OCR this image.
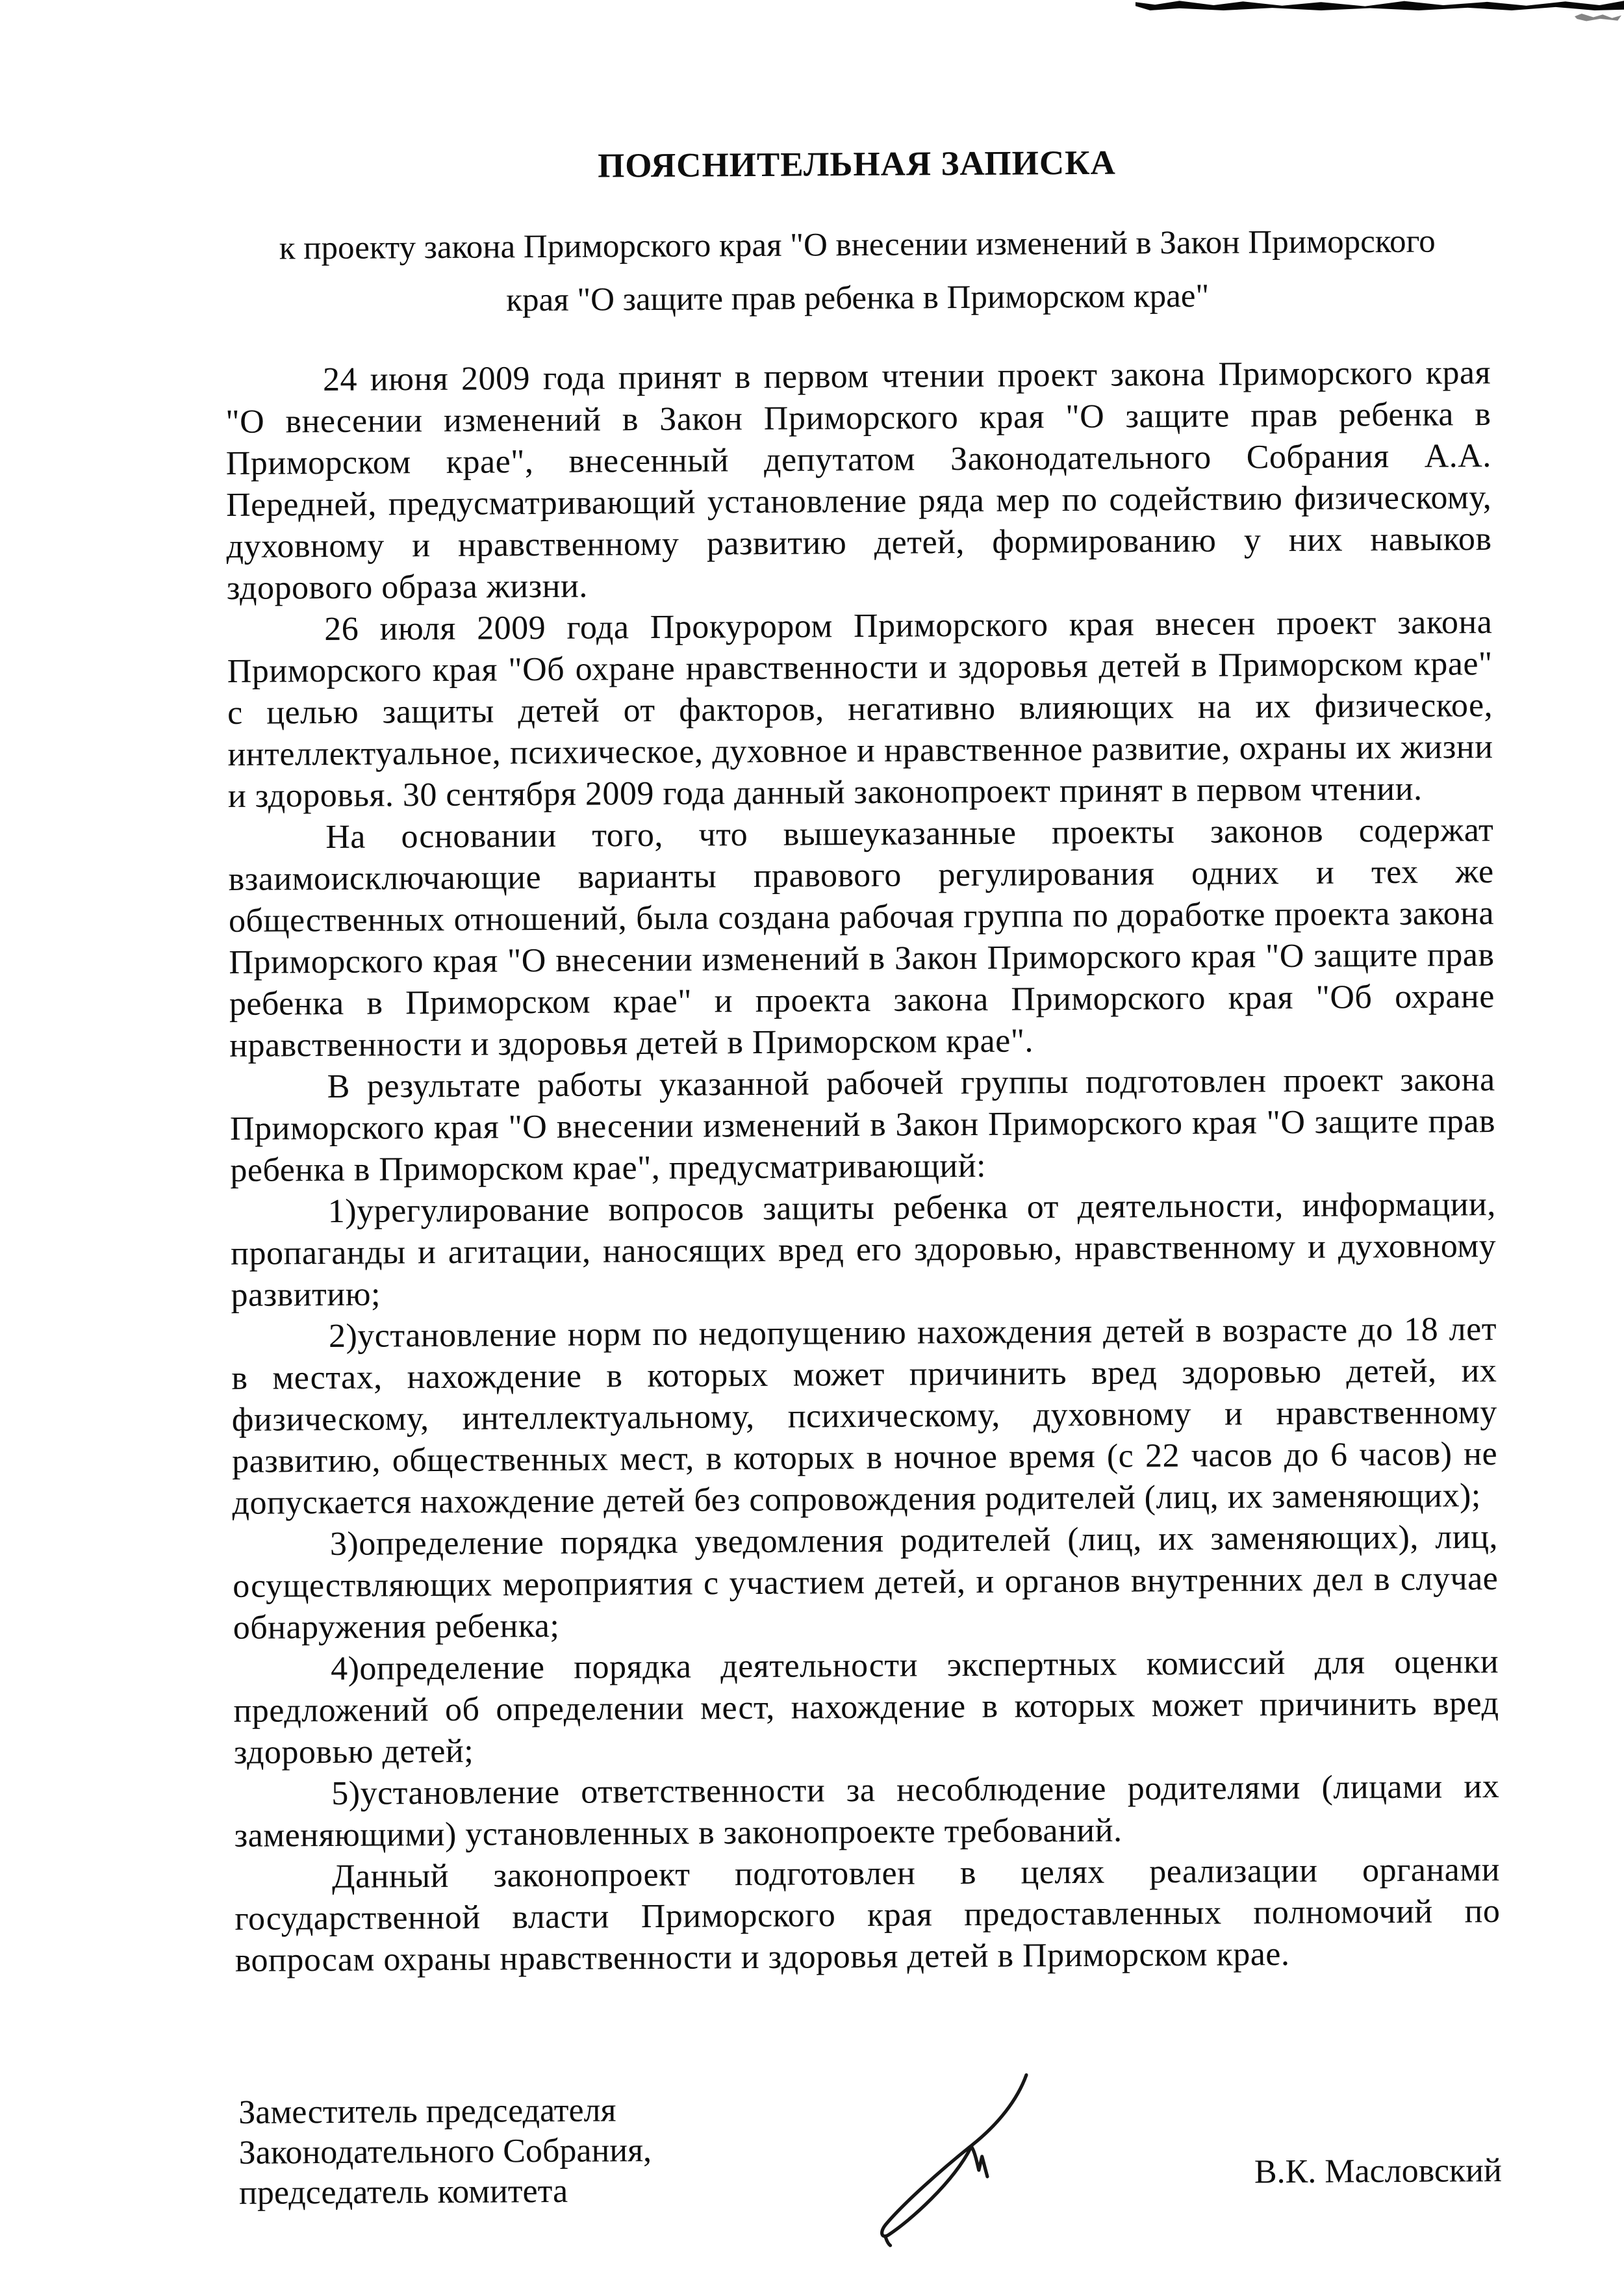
ПОЯСНИТЕЛЬНАЯ ЗАПИСКА
к проекту закона Приморского края "О внесении изменений в Закон Приморского
края "О защите прав ребенка в Приморском крае"
24 июня 2009 года принят в первом чтении проект закона Приморского края "О внесении изменений в Закон Приморского края "О защите прав ребенка в Приморском крае", внесенный депутатом Законодательного Собрания А.А. Передней, предусматривающий установление ряда мер по содействию физическому, духовному и нравственному развитию детей, формированию у них навыков здорового образа жизни.
26 июля 2009 года Прокурором Приморского края внесен проект закона Приморского края "Об охране нравственности и здоровья детей в Приморском крае" с целью защиты детей от факторов, негативно влияющих на их физическое, интеллектуальное, психическое, духовное и нравственное развитие, охраны их жизни и здоровья. 30 сентября 2009 года данный законопроект принят в первом чтении.
На основании того, что вышеуказанные проекты законов содержат взаимоисключающие варианты правового регулирования одних и тех же общественных отношений, была создана рабочая группа по доработке проекта закона Приморского края "О внесении изменений в Закон Приморского края "О защите прав ребенка в Приморском крае" и проекта закона Приморского края "Об охране нравственности и здоровья детей в Приморском крае".
В результате работы указанной рабочей группы подготовлен проект закона Приморского края "О внесении изменений в Закон Приморского края "О защите прав ребенка в Приморском крае", предусматривающий:
1)урегулирование вопросов защиты ребенка от деятельности, информации, пропаганды и агитации, наносящих вред его здоровью, нравственному и духовному развитию;
2)установление норм по недопущению нахождения детей в возрасте до 18 лет в местах, нахождение в которых может причинить вред здоровью детей, их физическому, интеллектуальному, психическому, духовному и нравственному развитию, общественных мест, в которых в ночное время (с 22 часов до 6 часов) не допускается нахождение детей без сопровождения родителей (лиц, их заменяющих);
3)определение порядка уведомления родителей (лиц, их заменяющих), лиц, осуществляющих мероприятия с участием детей, и органов внутренних дел в случае обнаружения ребенка;
4)определение порядка деятельности экспертных комиссий для оценки предложений об определении мест, нахождение в которых может причинить вред здоровью детей;
5)установление ответственности за несоблюдение родителями (лицами их заменяющими) установленных в законопроекте требований.
Данный законопроект подготовлен в целях реализации органами государственной власти Приморского края предоставленных полномочий по вопросам охраны нравственности и здоровья детей в Приморском крае.
Заместитель председателя
Законодательного Собрания,
председатель комитета
В.К. Масловский
